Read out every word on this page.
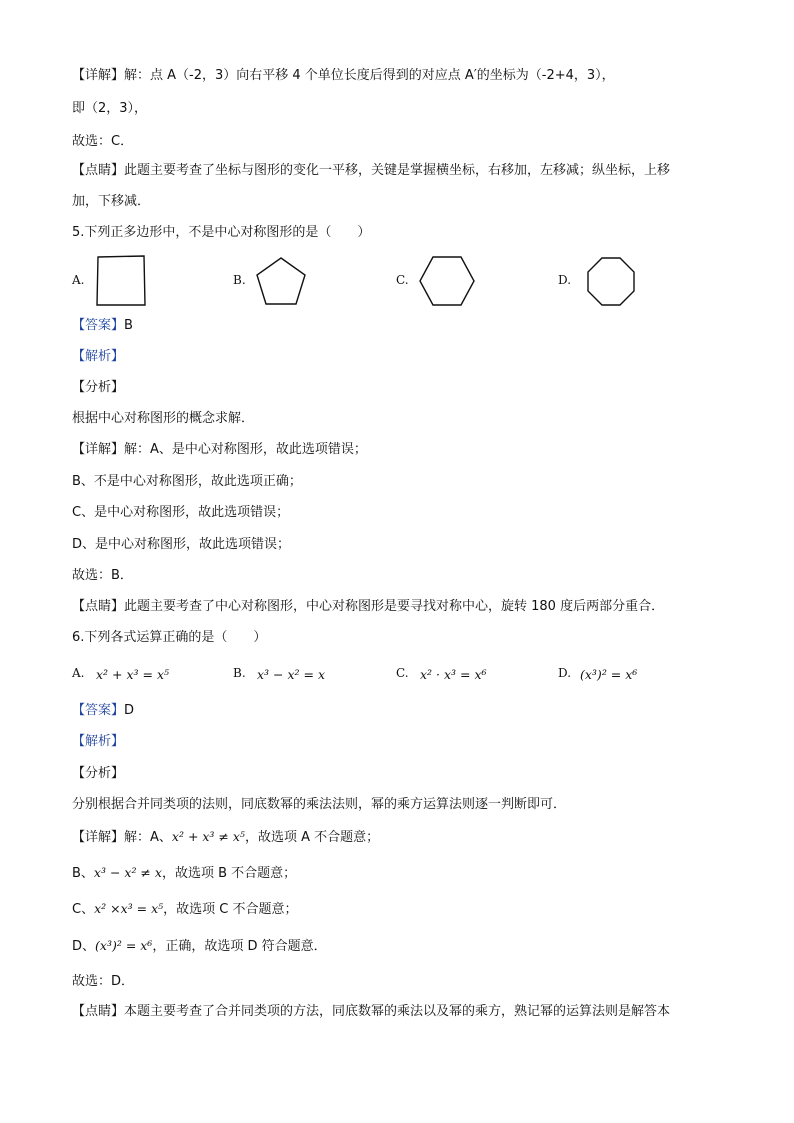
【详解】解：点 A（-2，3）向右平移 4 个单位长度后得到的对应点 A′的坐标为（-2+4，3），
即（2，3），
故选：C．
【点睛】此题主要考查了坐标与图形的变化一平移，关键是掌握横坐标，右移加，左移减；纵坐标，上移
加，下移减．
5.下列正多边形中，不是中心对称图形的是（　　）
A.	B.	C.	D.
【答案】B
【解析】
【分析】
根据中心对称图形的概念求解．
【详解】解：A、是中心对称图形，故此选项错误；
B、不是中心对称图形，故此选项正确；
C、是中心对称图形，故此选项错误；
D、是中心对称图形，故此选项错误；
故选：B．
【点睛】此题主要考查了中心对称图形，中心对称图形是要寻找对称中心，旋转 180 度后两部分重合．
6.下列各式运算正确的是（　　）
A. x² + x³ = x⁵	B. x³ − x² = x	C. x² · x³ = x⁶	D. (x³)² = x⁶
【答案】D
【解析】
【分析】
分别根据合并同类项的法则，同底数幂的乘法法则，幂的乘方运算法则逐一判断即可．
【详解】解：A、x² + x³ ≠ x⁵，故选项 A 不合题意；
B、x³ − x² ≠ x，故选项 B 不合题意；
C、x² ×x³ = x⁵，故选项 C 不合题意；
D、(x³)² = x⁶，正确，故选项 D 符合题意．
故选：D．
【点睛】本题主要考查了合并同类项的方法，同底数幂的乘法以及幂的乘方，熟记幂的运算法则是解答本
